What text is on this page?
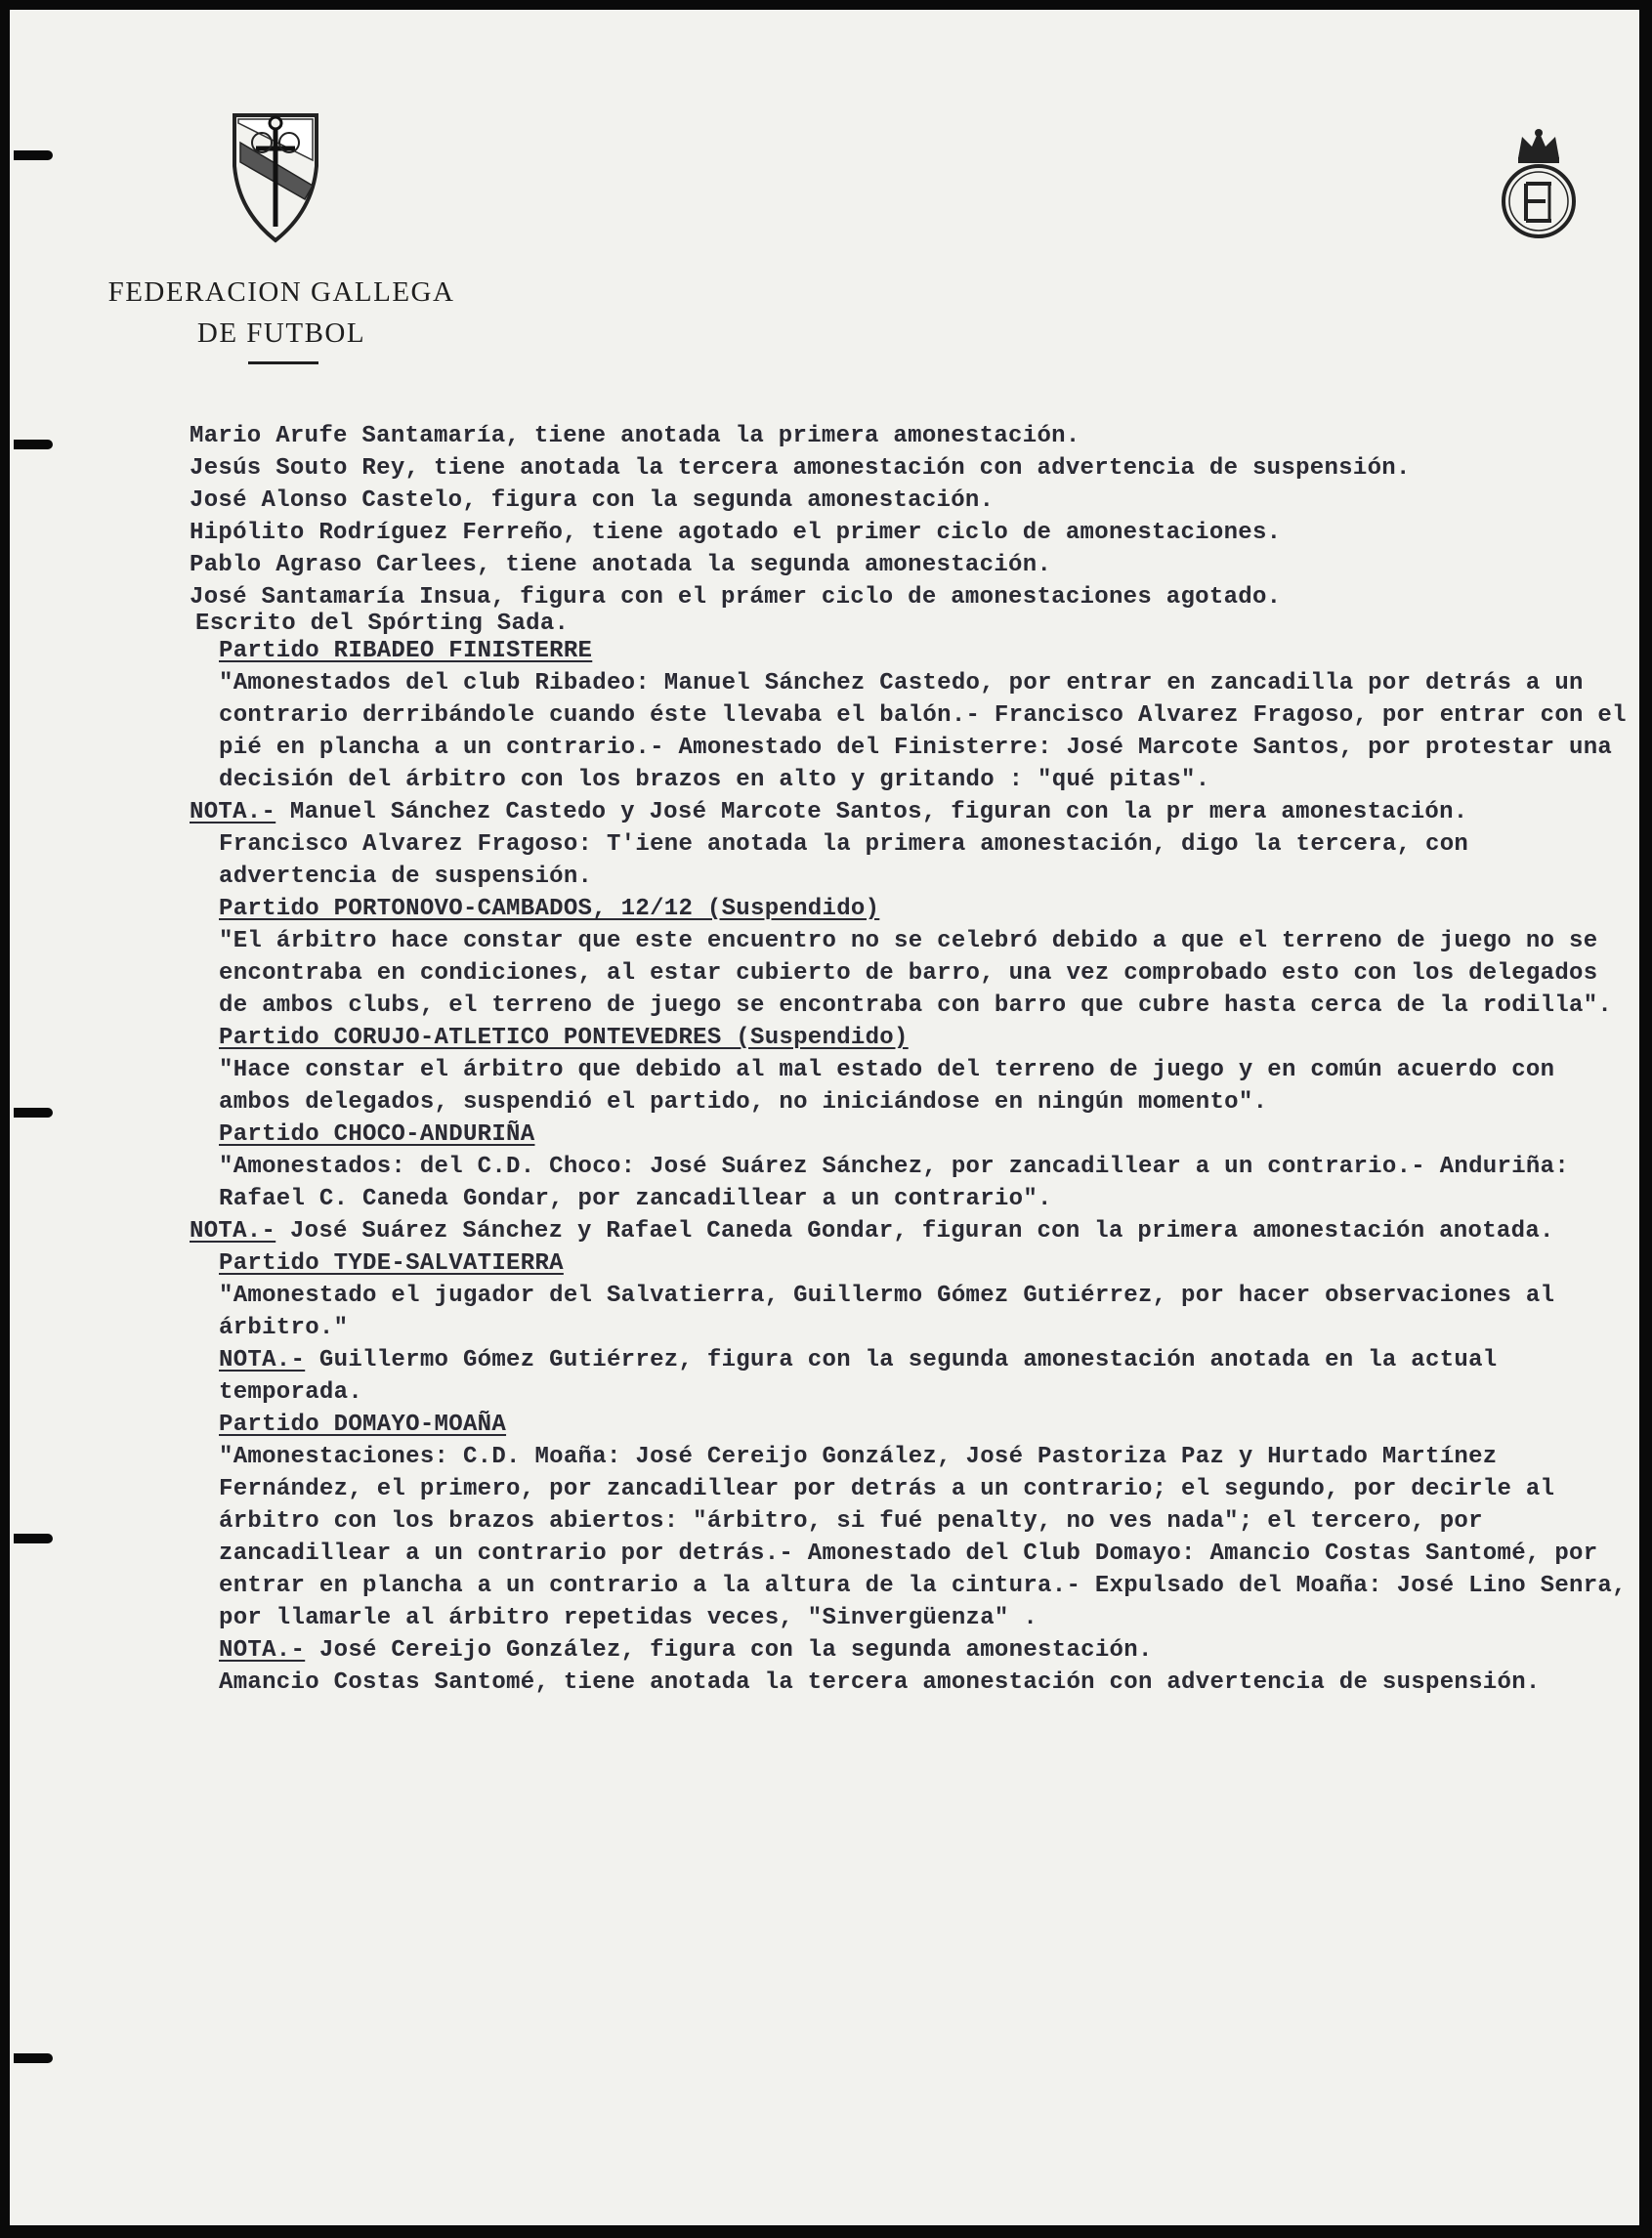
FEDERACION GALLEGA
DE FUTBOL

Mario Arufe Santamaría, tiene anotada la primera amonestación.

Jesús Souto Rey, tiene anotada la tercera amonestación con advertencia de suspensión.

José Alonso Castelo, figura con la segunda amonestación.

Hipólito Rodríguez Ferreño, tiene agotado el primer ciclo de amonestaciones.

Pablo Agraso Carlees, tiene anotada la segunda amonestación.

José Santamaría Insua, figura con el prámer ciclo de amonestaciones agotado.

Escrito del Spórting Sada.

Partido RIBADEO FINISTERRE

"Amonestados del club Ribadeo: Manuel Sánchez Castedo, por entrar en zancadilla por detrás a un contrario derribándole cuando éste llevaba el balón.- Francisco Alvarez Fragoso, por entrar con el pié en plancha a un contrario.- Amonestado del Finisterre: José Marcote Santos, por protestar una decisión del árbitro con los brazos en alto y gritando : "qué pitas".

NOTA.- Manuel Sánchez Castedo y José Marcote Santos, figuran con la pr mera amonestación.

Francisco Alvarez Fragoso: T'iene anotada la primera amonestación, digo la tercera, con advertencia de suspensión.

Partido PORTONOVO-CAMBADOS, 12/12 (Suspendido)

"El árbitro hace constar que este encuentro no se celebró debido a que el terreno de juego no se encontraba en condiciones, al estar cubierto de barro, una vez comprobado esto con los delegados de ambos clubs, el terreno de juego se encontraba con barro que cubre hasta cerca de la rodilla".

Partido CORUJO-ATLETICO PONTEVEDRES (Suspendido)

"Hace constar el árbitro que debido al mal estado del terreno de juego y en común acuerdo con ambos delegados, suspendió el partido, no iniciándose en ningún momento".

Partido CHOCO-ANDURIÑA

"Amonestados: del C.D. Choco: José Suárez Sánchez, por zancadillear a un contrario.- Anduriña: Rafael C. Caneda Gondar, por zancadillear a un contrario".

NOTA.- José Suárez Sánchez y Rafael Caneda Gondar, figuran con la primera amonestación anotada.

Partido TYDE-SALVATIERRA

"Amonestado el jugador del Salvatierra, Guillermo Gómez Gutiérrez, por hacer observaciones al árbitro."

NOTA.- Guillermo Gómez Gutiérrez, figura con la segunda amonestación anotada en la actual temporada.

Partido DOMAYO-MOAÑA

"Amonestaciones: C.D. Moaña: José Cereijo González, José Pastoriza Paz y Hurtado Martínez Fernández, el primero, por zancadillear por detrás a un contrario; el segundo, por decirle al árbitro con los brazos abiertos: "árbitro, si fué penalty, no ves nada"; el tercero, por zancadillear a un contrario por detrás.- Amonestado del Club Domayo: Amancio Costas Santomé, por entrar en plancha a un contrario a la altura de la cintura.- Expulsado del Moaña: José Lino Senra, por llamarle al árbitro repetidas veces, "Sinvergüenza" .

NOTA.- José Cereijo González, figura con la segunda amonestación.

Amancio Costas Santomé, tiene anotada la tercera amonestación con advertencia de suspensión.
